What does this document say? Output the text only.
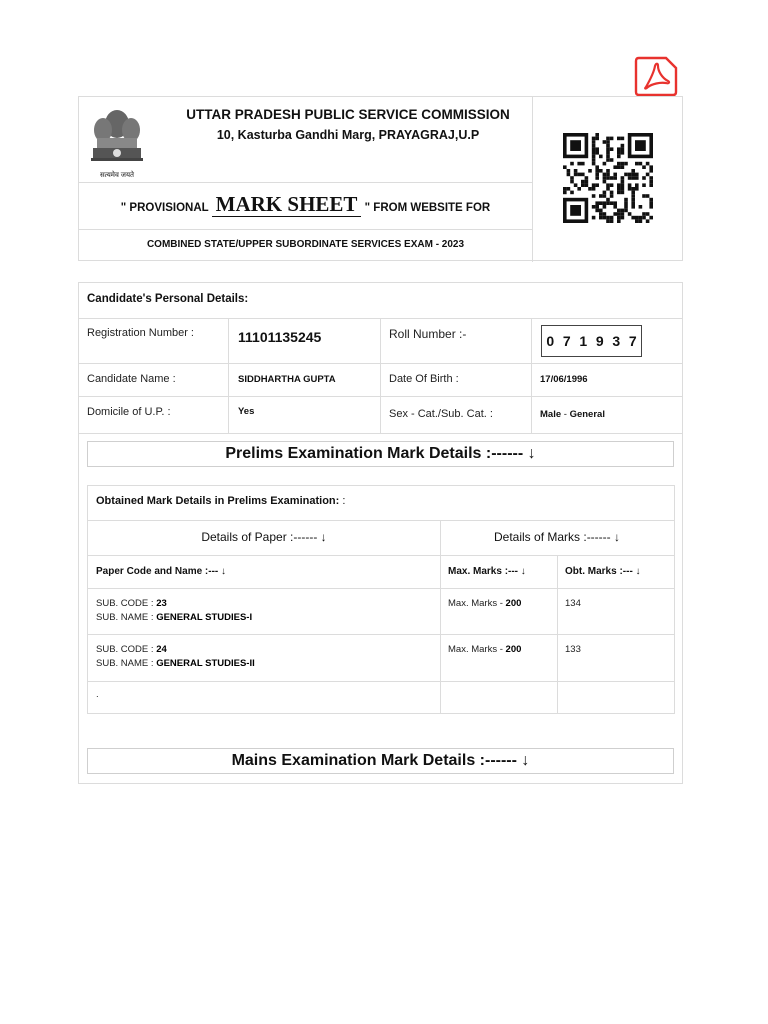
सत्यमेव जयते
UTTAR PRADESH PUBLIC SERVICE COMMISSION
10, Kasturba Gandhi Marg, PRAYAGRAJ,U.P
" PROVISIONAL MARK SHEET " FROM WEBSITE FOR
COMBINED STATE/UPPER SUBORDINATE SERVICES EXAM - 2023
Candidate's Personal Details:
Registration Number :	11101135245	Roll Number :-	0 7 1 9 3 7
Candidate Name :	SIDDHARTHA GUPTA	Date Of Birth :	17/06/1996
Domicile of U.P. :	Yes	Sex - Cat./Sub. Cat. :	Male - General
Prelims Examination Mark Details :------ ↓
Obtained Mark Details in Prelims Examination: :
Details of Paper :------ ↓	Details of Marks :------ ↓
Paper Code and Name :--- ↓	Max. Marks :--- ↓	Obt. Marks :--- ↓
SUB. CODE : 23
SUB. NAME : GENERAL STUDIES-I
Max. Marks - 200	134
SUB. CODE : 24
SUB. NAME : GENERAL STUDIES-II
Max. Marks - 200	133
.
Mains Examination Mark Details :------ ↓
